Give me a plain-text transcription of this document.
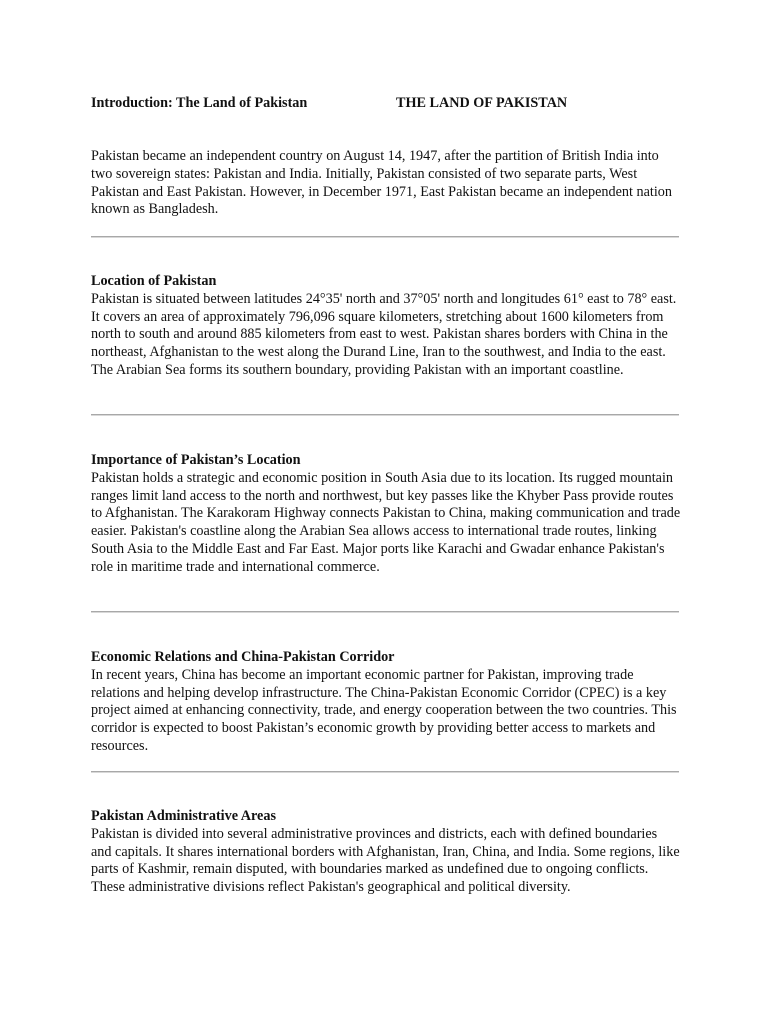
Introduction: The Land of Pakistan	THE LAND OF PAKISTAN

Pakistan became an independent country on August 14, 1947, after the partition of British India into two sovereign states: Pakistan and India. Initially, Pakistan consisted of two separate parts, West Pakistan and East Pakistan. However, in December 1971, East Pakistan became an independent nation known as Bangladesh.

Location of Pakistan

Pakistan is situated between latitudes 24°35' north and 37°05' north and longitudes 61° east to 78° east. It covers an area of approximately 796,096 square kilometers, stretching about 1600 kilometers from north to south and around 885 kilometers from east to west. Pakistan shares borders with China in the northeast, Afghanistan to the west along the Durand Line, Iran to the southwest, and India to the east. The Arabian Sea forms its southern boundary, providing Pakistan with an important coastline.

Importance of Pakistan’s Location

Pakistan holds a strategic and economic position in South Asia due to its location. Its rugged mountain ranges limit land access to the north and northwest, but key passes like the Khyber Pass provide routes to Afghanistan. The Karakoram Highway connects Pakistan to China, making communication and trade easier. Pakistan's coastline along the Arabian Sea allows access to international trade routes, linking South Asia to the Middle East and Far East. Major ports like Karachi and Gwadar enhance Pakistan's role in maritime trade and international commerce.

Economic Relations and China-Pakistan Corridor

In recent years, China has become an important economic partner for Pakistan, improving trade relations and helping develop infrastructure. The China-Pakistan Economic Corridor (CPEC) is a key project aimed at enhancing connectivity, trade, and energy cooperation between the two countries. This corridor is expected to boost Pakistan’s economic growth by providing better access to markets and resources.

Pakistan Administrative Areas

Pakistan is divided into several administrative provinces and districts, each with defined boundaries and capitals. It shares international borders with Afghanistan, Iran, China, and India. Some regions, like parts of Kashmir, remain disputed, with boundaries marked as undefined due to ongoing conflicts. These administrative divisions reflect Pakistan's geographical and political diversity.
